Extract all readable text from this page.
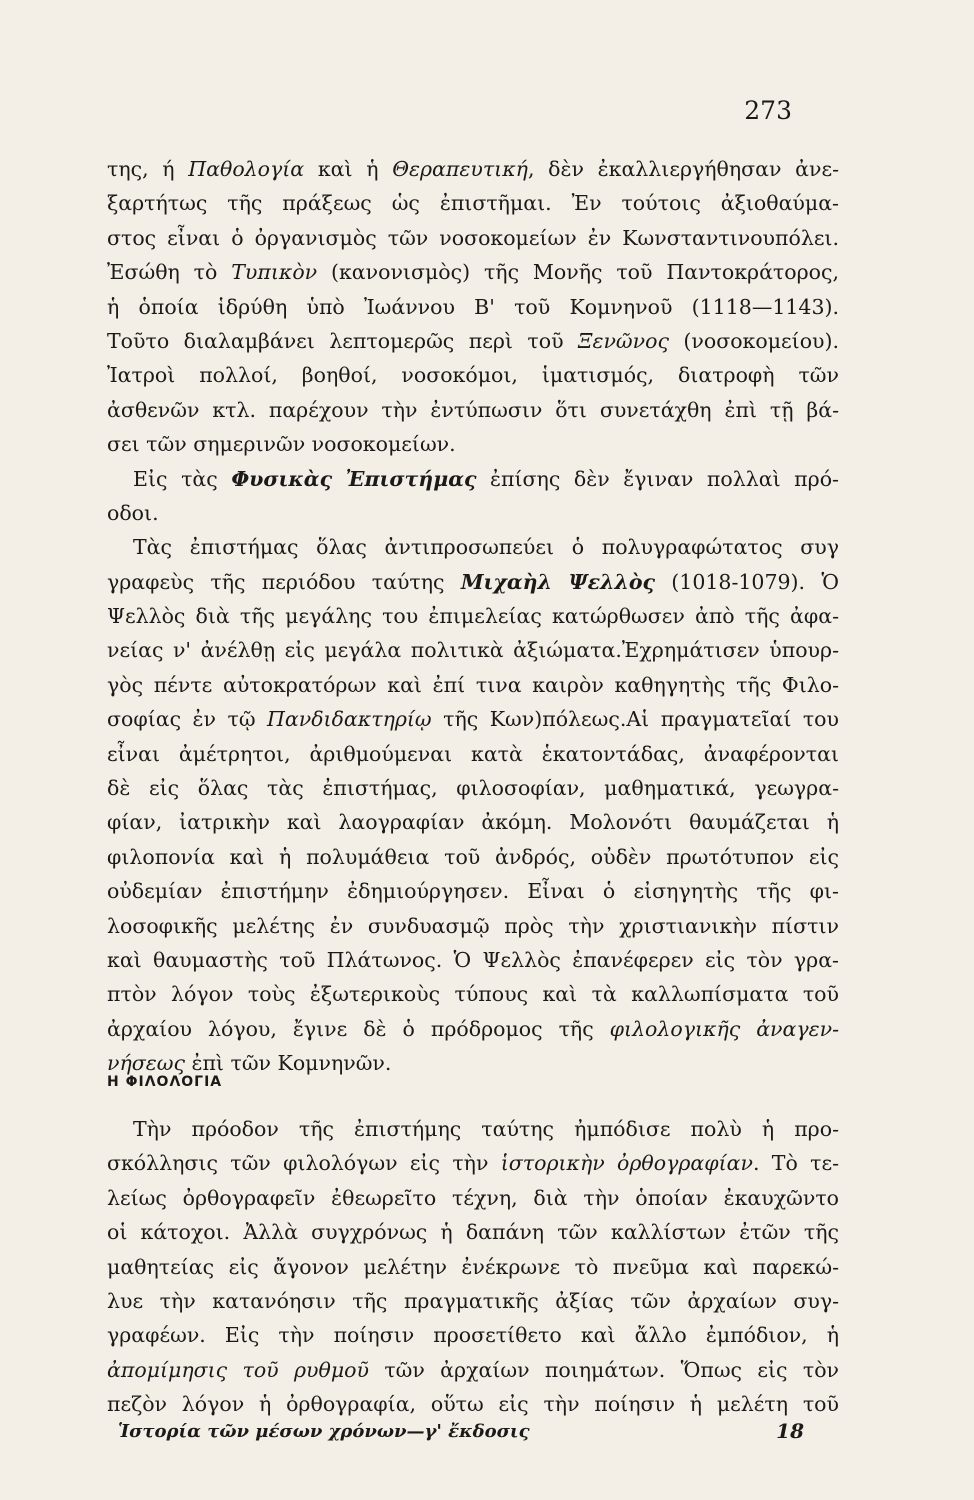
273
της, ή Παθολογία καὶ ἡ Θεραπευτική, δὲν ἐκαλλιεργήθησαν ἀνε-
ξαρτήτως τῆς πράξεως ὡς ἐπιστῆμαι. Ἐν τούτοις ἀξιοθαύμα-
στος εἶναι ὁ ὀργανισμὸς τῶν νοσοκομείων ἐν Κωνσταντινουπόλει.
Ἐσώθη τὸ Τυπικὸν (κανονισμὸς) τῆς Μονῆς τοῦ Παντοκράτορος,
ἡ ὁποία ἱδρύθη ὑπὸ Ἰωάννου Β' τοῦ Κομνηνοῦ (1118—1143).
Τοῦτο διαλαμβάνει λεπτομερῶς περὶ τοῦ Ξενῶνος (νοσοκομείου).
Ἰατροὶ πολλοί, βοηθοί, νοσοκόμοι, ἱματισμός, διατροφὴ τῶν
ἀσθενῶν κτλ. παρέχουν τὴν ἐντύπωσιν ὅτι συνετάχθη ἐπὶ τῇ βά-
σει τῶν σημερινῶν νοσοκομείων.
Εἰς τὰς Φυσικὰς Ἐπιστήμας ἐπίσης δὲν ἔγιναν πολλαὶ πρό-
οδοι.
Τὰς ἐπιστήμας ὅλας ἀντιπροσωπεύει ὁ πολυγραφώτατος συγ
γραφεὺς τῆς περιόδου ταύτης Μιχαὴλ Ψελλὸς (1018-1079). Ὁ
Ψελλὸς διὰ τῆς μεγάλης του ἐπιμελείας κατώρθωσεν ἀπὸ τῆς ἀφα-
νείας ν' ἀνέλθῃ εἰς μεγάλα πολιτικὰ ἀξιώματα.Ἐχρημάτισεν ὑπουρ-
γὸς πέντε αὐτοκρατόρων καὶ ἐπί τινα καιρὸν καθηγητὴς τῆς Φιλο-
σοφίας ἐν τῷ Πανδιδακτηρίῳ τῆς Κων)πόλεως.Αἱ πραγματεῖαί του
εἶναι ἀμέτρητοι, ἀριθμούμεναι κατὰ ἑκατοντάδας, ἀναφέρονται
δὲ εἰς ὅλας τὰς ἐπιστήμας, φιλοσοφίαν, μαθηματικά, γεωγρα-
φίαν, ἰατρικὴν καὶ λαογραφίαν ἀκόμη. Μολονότι θαυμάζεται ἡ
φιλοπονία καὶ ἡ πολυμάθεια τοῦ ἀνδρός, οὐδὲν πρωτότυπον εἰς
οὐδεμίαν ἐπιστήμην ἐδημιούργησεν. Εἶναι ὁ εἰσηγητὴς τῆς φι-
λοσοφικῆς μελέτης ἐν συνδυασμῷ πρὸς τὴν χριστιανικὴν πίστιν
καὶ θαυμαστὴς τοῦ Πλάτωνος. Ὁ Ψελλὸς ἐπανέφερεν εἰς τὸν γρα-
πτὸν λόγον τοὺς ἐξωτερικοὺς τύπους καὶ τὰ καλλωπίσματα τοῦ
ἀρχαίου λόγου, ἔγινε δὲ ὁ πρόδρομος τῆς φιλολογικῆς ἀναγεν-
νήσεως ἐπὶ τῶν Κομνηνῶν.
Η ΦΙΛΟΛΟΓΙΑ
Τὴν πρόοδον τῆς ἐπιστήμης ταύτης ἠμπόδισε πολὺ ἡ προ-
σκόλλησις τῶν φιλολόγων εἰς τὴν ἱστορικὴν ὀρθογραφίαν. Τὸ τε-
λείως ὀρθογραφεῖν ἐθεωρεῖτο τέχνη, διὰ τὴν ὁποίαν ἐκαυχῶντο
οἱ κάτοχοι. Ἀλλὰ συγχρόνως ἡ δαπάνη τῶν καλλίστων ἐτῶν τῆς
μαθητείας εἰς ἄγονον μελέτην ἐνέκρωνε τὸ πνεῦμα καὶ παρεκώ-
λυε τὴν κατανόησιν τῆς πραγματικῆς ἀξίας τῶν ἀρχαίων συγ-
γραφέων. Εἰς τὴν ποίησιν προσετίθετο καὶ ἄλλο ἐμπόδιον, ἡ
ἀπομίμησις τοῦ ρυθμοῦ τῶν ἀρχαίων ποιημάτων. Ὅπως εἰς τὸν
πεζὸν λόγον ἡ ὀρθογραφία, οὕτω εἰς τὴν ποίησιν ἡ μελέτη τοῦ
Ἱστορία τῶν μέσων χρόνων—γ' ἔκδοσις	18
